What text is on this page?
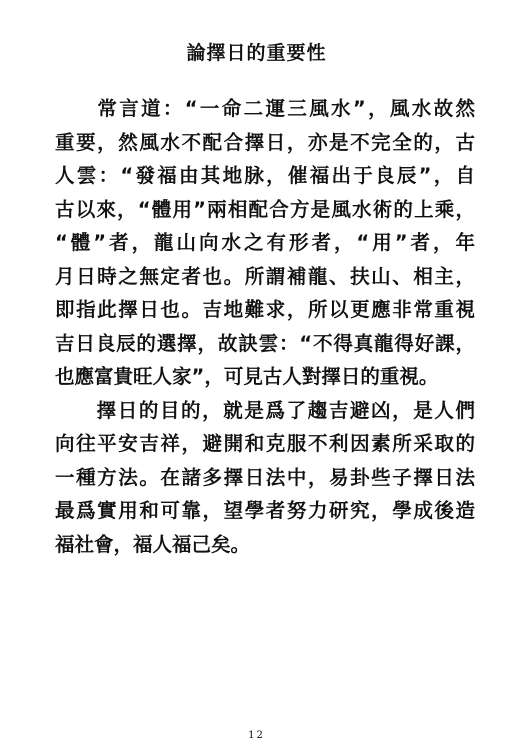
論擇日的重要性
常言道：“一命二運三風水”，風水故然
重要，然風水不配合擇日，亦是不完全的，古
人雲：“發福由其地脉，催福出于良辰”，自
古以來，“體用”兩相配合方是風水術的上乘，
“體”者，龍山向水之有形者，“用”者，年
月日時之無定者也。所謂補龍、扶山、相主，
即指此擇日也。吉地難求，所以更應非常重視
吉日良辰的選擇，故訣雲：“不得真龍得好課，
也應富貴旺人家”，可見古人對擇日的重視。
擇日的目的，就是爲了趨吉避凶，是人們
向往平安吉祥，避開和克服不利因素所采取的
一種方法。在諸多擇日法中，易卦些子擇日法
最爲實用和可靠，望學者努力研究，學成後造
福社會，福人福己矣。
12
